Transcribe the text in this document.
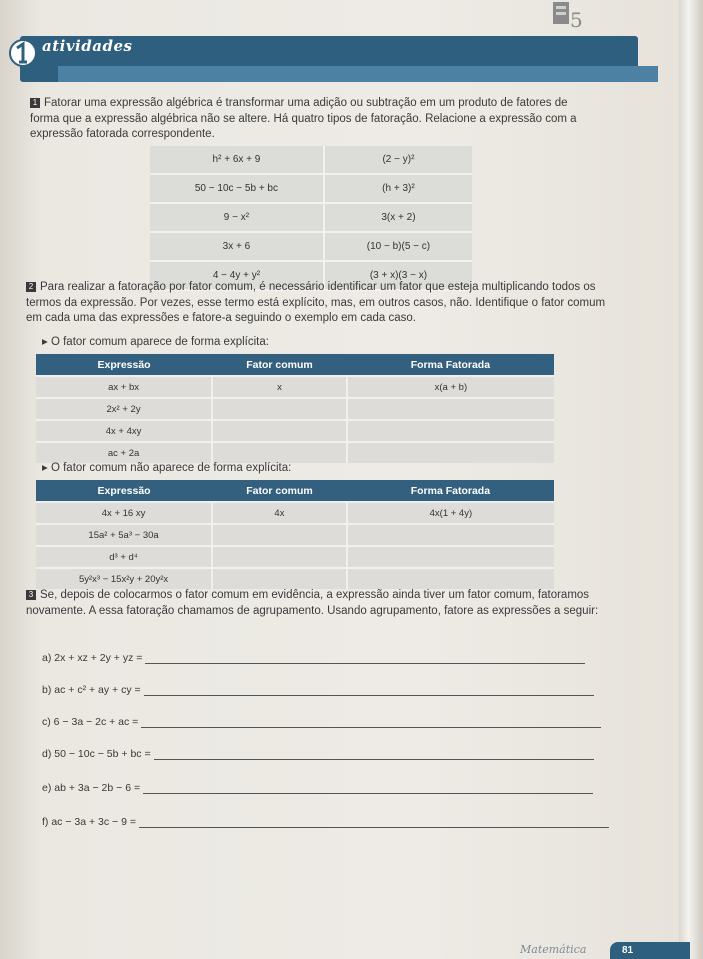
5
atividades
1 Fatorar uma expressão algébrica é transformar uma adição ou subtração em um produto de fatores de forma que a expressão algébrica não se altere. Há quatro tipos de fatoração. Relacione a expressão com a expressão fatorada correspondente.
h² + 6x + 9	(2 − y)²
50 − 10c − 5b + bc	(h + 3)²
9 − x²	3(x + 2)
3x + 6	(10 − b)(5 − c)
4 − 4y + y²	(3 + x)(3 − x)
2 Para realizar a fatoração por fator comum, é necessário identificar um fator que esteja multiplicando todos os termos da expressão. Por vezes, esse termo está explícito, mas, em outros casos, não. Identifique o fator comum em cada uma das expressões e fatore-a seguindo o exemplo em cada caso.
▸ O fator comum aparece de forma explícita:
Expressão	Fator comum	Forma Fatorada
ax + bx	x	x(a + b)
2x² + 2y		
4x + 4xy		
ac + 2a		
▸ O fator comum não aparece de forma explícita:
Expressão	Fator comum	Forma Fatorada
4x + 16 xy	4x	4x(1 + 4y)
15a² + 5a³ − 30a		
d³ + d⁴		
5y²x³ − 15x²y + 20y²x		
3 Se, depois de colocarmos o fator comum em evidência, a expressão ainda tiver um fator comum, fatoramos novamente. A essa fatoração chamamos de agrupamento. Usando agrupamento, fatore as expressões a seguir:
a) 2x + xz + 2y + yz =
b) ac + c² + ay + cy =
c) 6 − 3a − 2c + ac =
d) 50 − 10c − 5b + bc =
e) ab + 3a − 2b − 6 =
f) ac − 3a + 3c − 9 =
Matemática	81
